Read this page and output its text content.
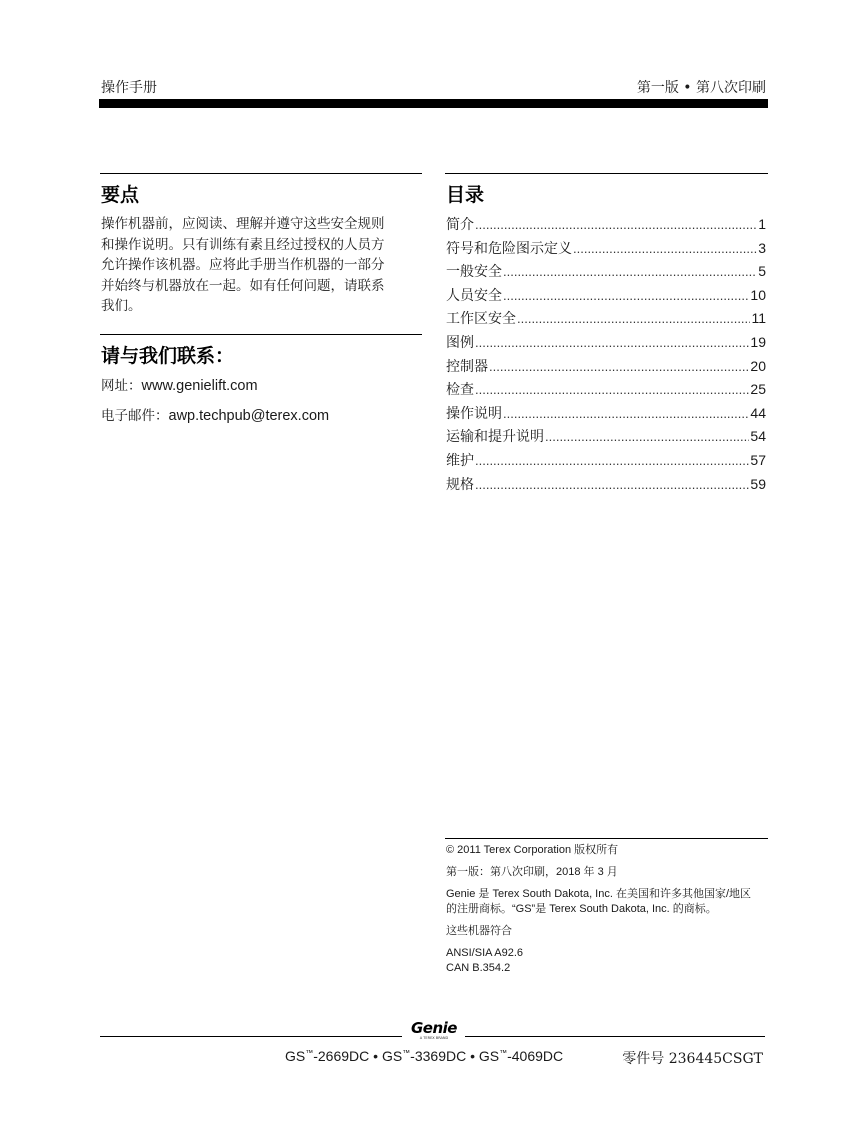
操作手册	第一版 • 第八次印刷
要点
操作机器前，应阅读、理解并遵守这些安全规则
和操作说明。只有训练有素且经过授权的人员方
允许操作该机器。应将此手册当作机器的一部分
并始终与机器放在一起。如有任何问题，请联系
我们。
请与我们联系：
网址：www.genielift.com
电子邮件：awp.techpub@terex.com
目录
简介 .....	1
符号和危险图示定义 .....	3
一般安全 .....	5
人员安全 .....	10
工作区安全 .....	11
图例 .....	19
控制器 .....	20
检查 .....	25
操作说明 .....	44
运输和提升说明 .....	54
维护 .....	57
规格 .....	59

© 2011 Terex Corporation 版权所有

第一版：第八次印刷，2018 年 3 月

Genie 是 Terex South Dakota, Inc. 在美国和许多其他国家/地区
的注册商标。“GS”是 Terex South Dakota, Inc. 的商标。

这些机器符合

ANSI/SIA A92.6
CAN B.354.2

Genie
A TEREX BRAND
GS™-2669DC • GS™-3369DC • GS™-4069DC	零件号 236445CSGT
